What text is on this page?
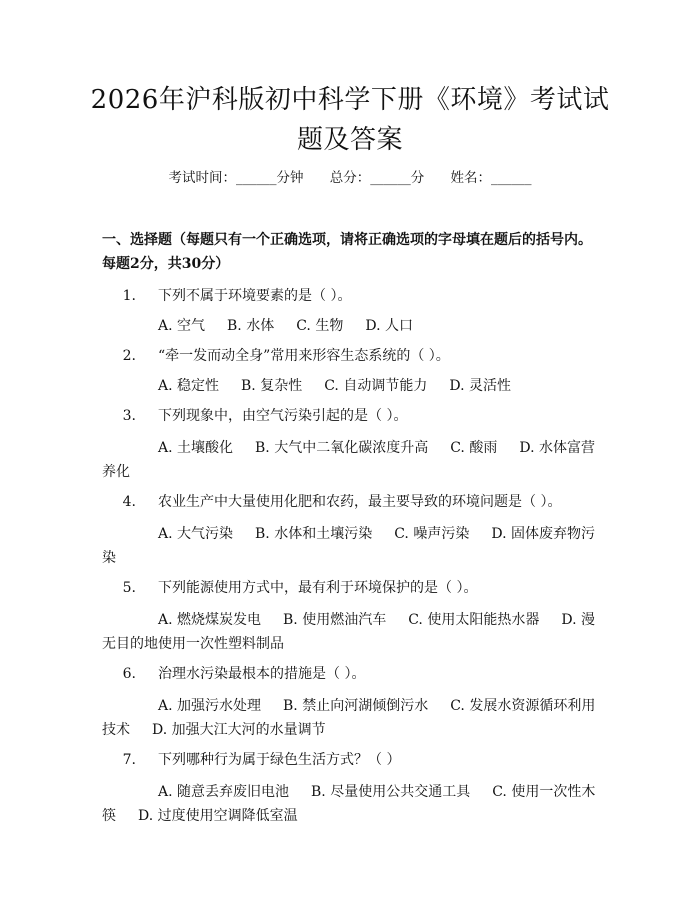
2026年沪科版初中科学下册《环境》考试试
题及答案
考试时间：______分钟 总分：______分 姓名：______
一、选择题（每题只有一个正确选项，请将正确选项的字母填在题后的括号内。每题2分，共30分）
1. 下列不属于环境要素的是（ ）。
A. 空气 B. 水体 C. 生物 D. 人口
2. “牵一发而动全身”常用来形容生态系统的（ ）。
A. 稳定性 B. 复杂性 C. 自动调节能力 D. 灵活性
3. 下列现象中，由空气污染引起的是（ ）。
A. 土壤酸化 B. 大气中二氧化碳浓度升高 C. 酸雨 D. 水体富营养化
4. 农业生产中大量使用化肥和农药，最主要导致的环境问题是（ ）。
A. 大气污染 B. 水体和土壤污染 C. 噪声污染 D. 固体废弃物污染
5. 下列能源使用方式中，最有利于环境保护的是（ ）。
A. 燃烧煤炭发电 B. 使用燃油汽车 C. 使用太阳能热水器 D. 漫无目的地使用一次性塑料制品
6. 治理水污染最根本的措施是（ ）。
A. 加强污水处理 B. 禁止向河湖倾倒污水 C. 发展水资源循环利用技术 D. 加强大江大河的水量调节
7. 下列哪种行为属于绿色生活方式？（ ）
A. 随意丢弃废旧电池 B. 尽量使用公共交通工具 C. 使用一次性木筷 D. 过度使用空调降低室温
